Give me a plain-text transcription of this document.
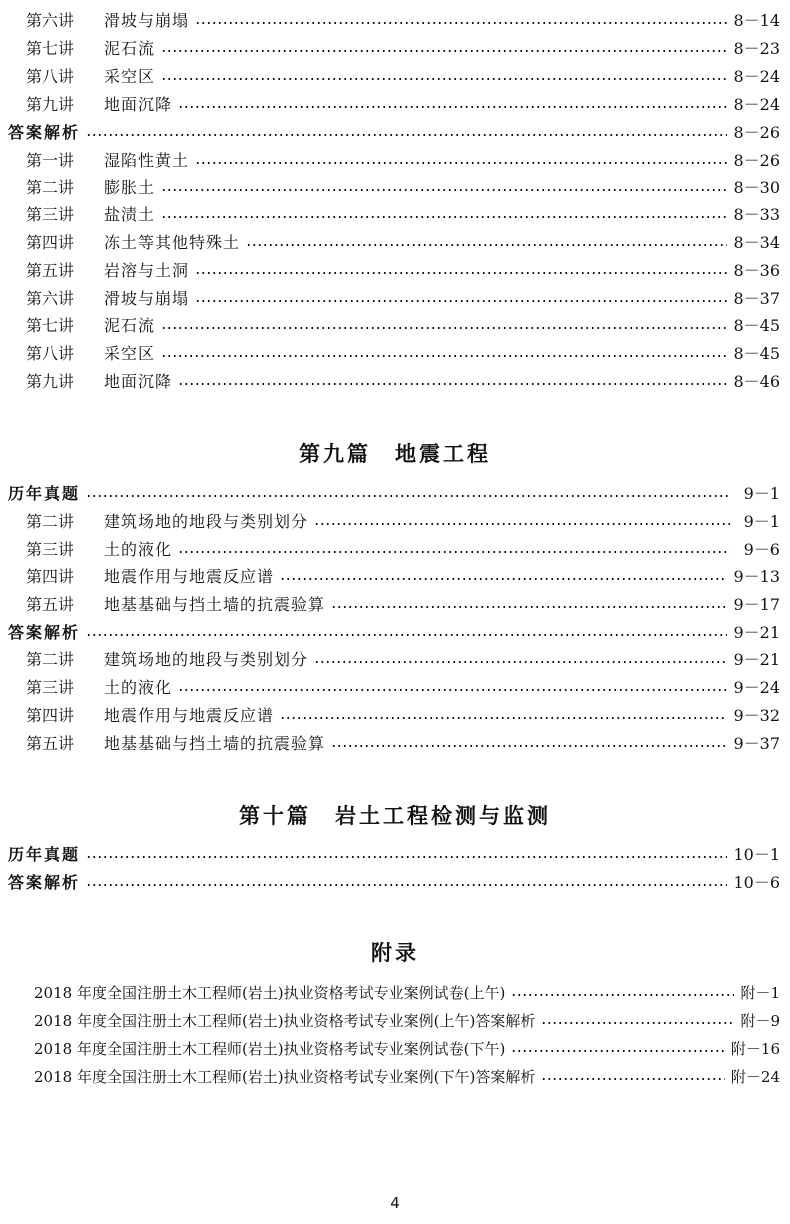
第六讲	滑坡与崩塌	8－14
第七讲	泥石流	8－23
第八讲	采空区	8－24
第九讲	地面沉降	8－24
答案解析	8－26
第一讲	湿陷性黄土	8－26
第二讲	膨胀土	8－30
第三讲	盐渍土	8－33
第四讲	冻土等其他特殊土	8－34
第五讲	岩溶与土洞	8－36
第六讲	滑坡与崩塌	8－37
第七讲	泥石流	8－45
第八讲	采空区	8－45
第九讲	地面沉降	8－46
第九篇　地震工程
历年真题	9－1
第二讲	建筑场地的地段与类别划分	9－1
第三讲	土的液化	9－6
第四讲	地震作用与地震反应谱	9－13
第五讲	地基基础与挡土墙的抗震验算	9－17
答案解析	9－21
第二讲	建筑场地的地段与类别划分	9－21
第三讲	土的液化	9－24
第四讲	地震作用与地震反应谱	9－32
第五讲	地基基础与挡土墙的抗震验算	9－37
第十篇　岩土工程检测与监测
历年真题	10－1
答案解析	10－6
附录
2018 年度全国注册土木工程师(岩土)执业资格考试专业案例试卷(上午)	附－1
2018 年度全国注册土木工程师(岩土)执业资格考试专业案例(上午)答案解析	附－9
2018 年度全国注册土木工程师(岩土)执业资格考试专业案例试卷(下午)	附－16
2018 年度全国注册土木工程师(岩土)执业资格考试专业案例(下午)答案解析	附－24
4
